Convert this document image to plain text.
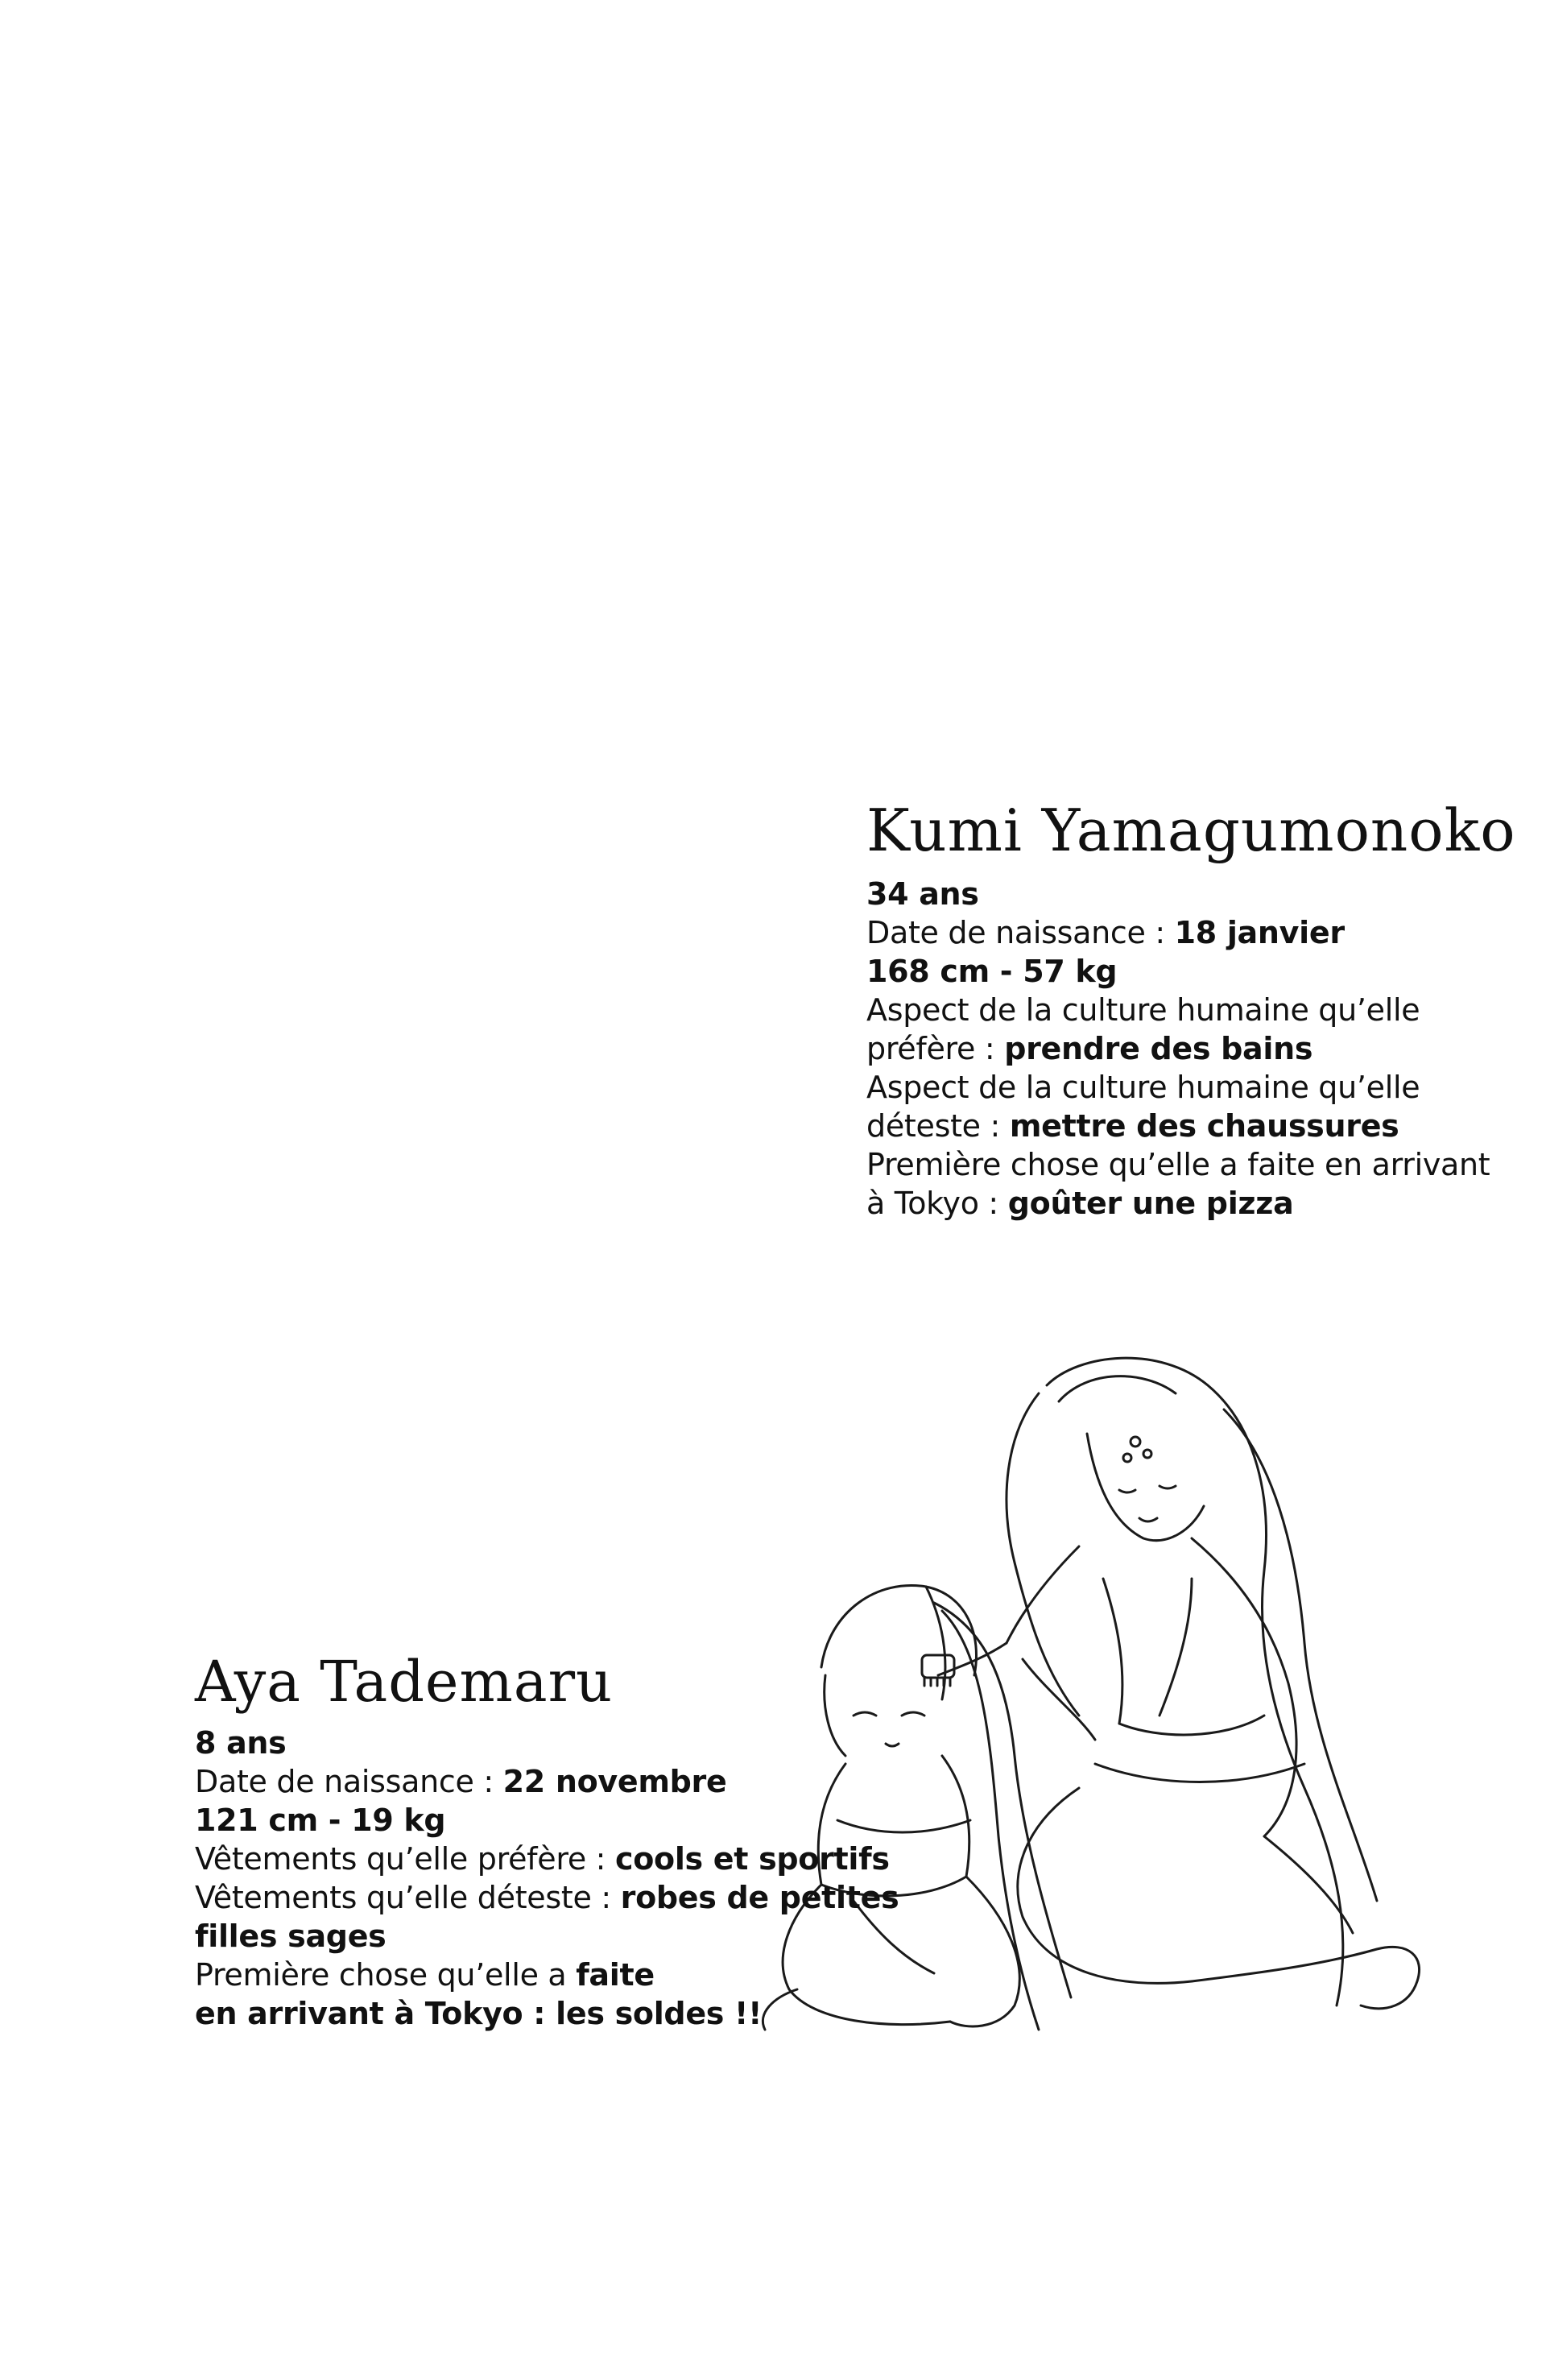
Kumi Yamagumonoko
34 ans
Date de naissance : 18 janvier
168 cm - 57 kg
Aspect de la culture humaine qu’elle
préfère : prendre des bains
Aspect de la culture humaine qu’elle
déteste : mettre des chaussures
Première chose qu’elle a faite en arrivant
à Tokyo : goûter une pizza
Aya Tademaru
8 ans
Date de naissance : 22 novembre
121 cm - 19 kg
Vêtements qu’elle préfère : cools et sportifs
Vêtements qu’elle déteste : robes de petites
filles sages
Première chose qu’elle a faite
en arrivant à Tokyo : les soldes !!
